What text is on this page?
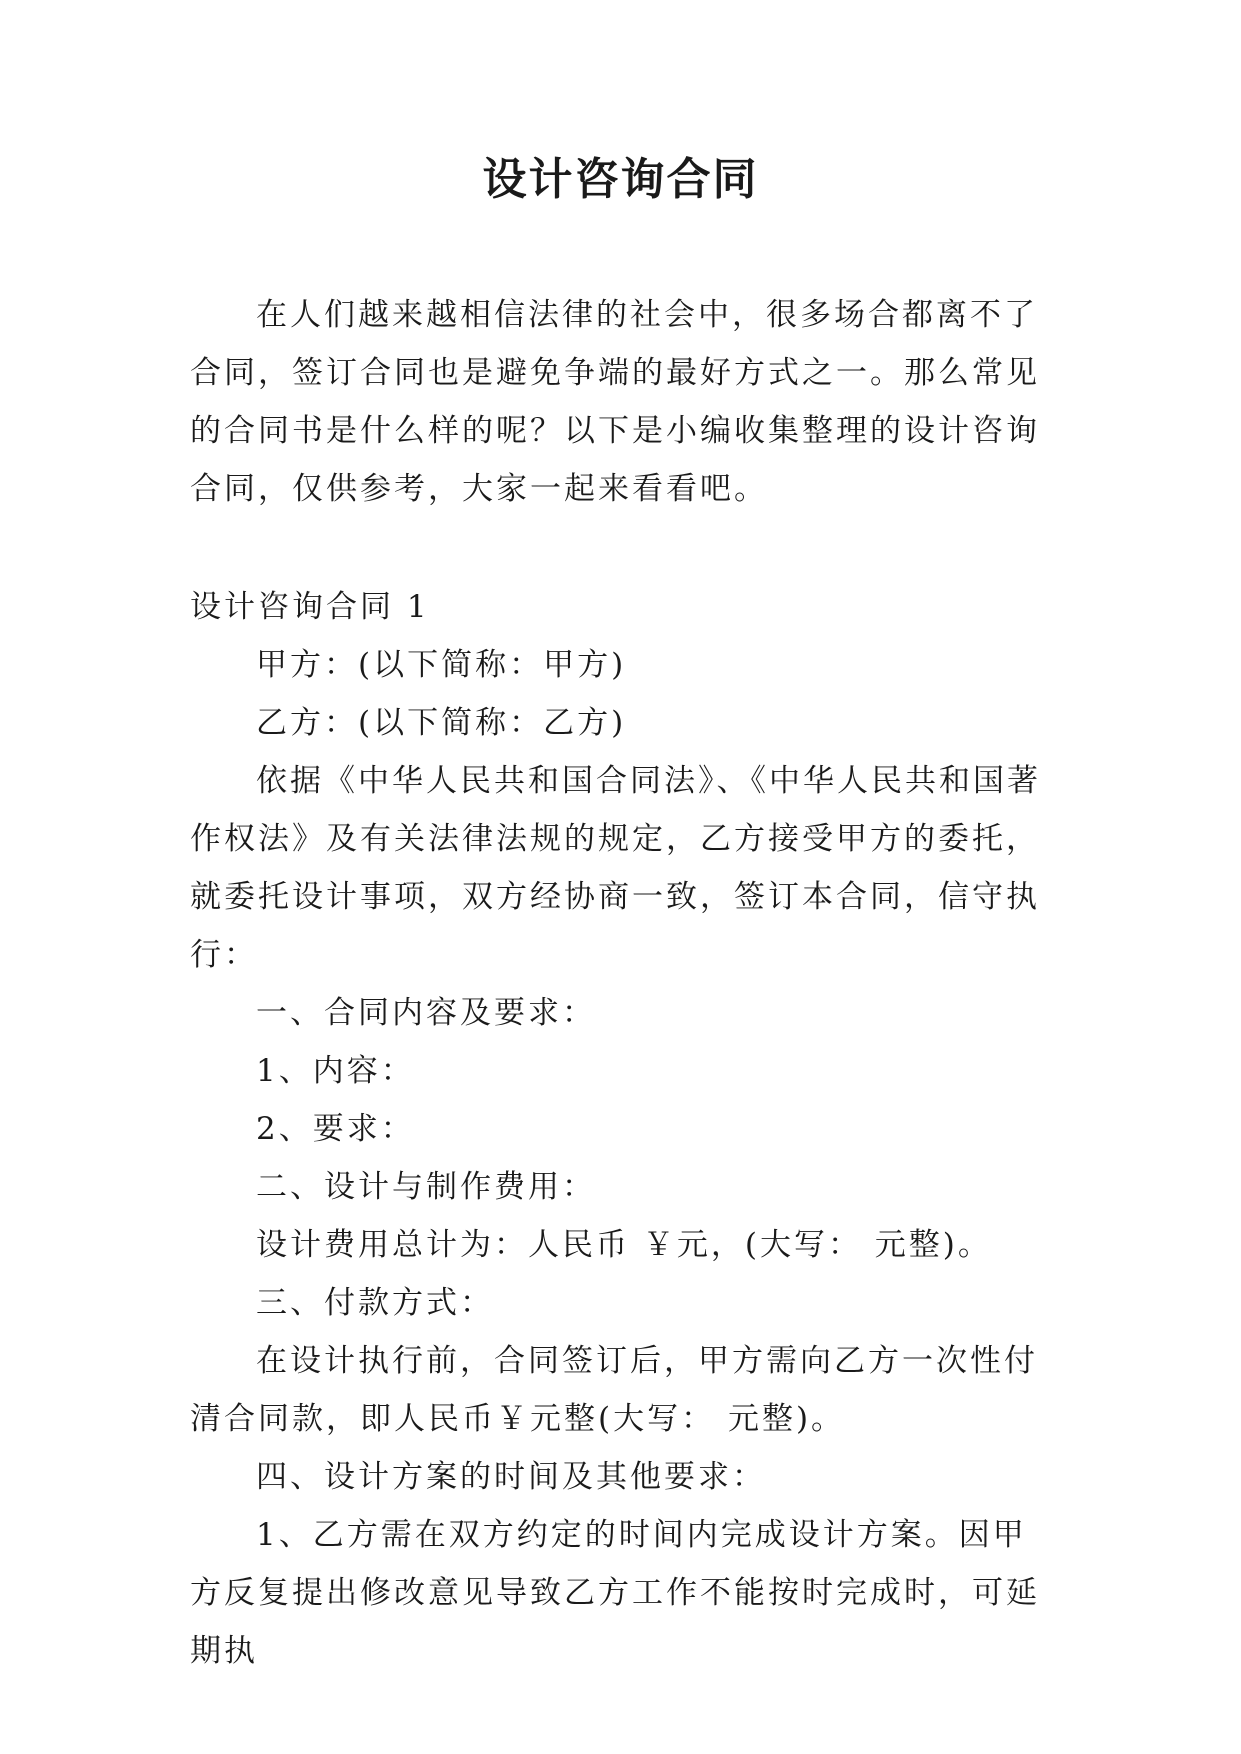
设计咨询合同

在人们越来越相信法律的社会中，很多场合都离不了合同，签订合同也是避免争端的最好方式之一。那么常见的合同书是什么样的呢？以下是小编收集整理的设计咨询合同，仅供参考，大家一起来看看吧。

设计咨询合同 1

甲方：(以下简称：甲方)

乙方：(以下简称：乙方)

依据《中华人民共和国合同法》、《中华人民共和国著作权法》及有关法律法规的规定，乙方接受甲方的委托，就委托设计事项，双方经协商一致，签订本合同，信守执行：

一、合同内容及要求：

1、内容：

2、要求：

二、设计与制作费用：

设计费用总计为：人民币 ￥元，(大写： 元整)。

三、付款方式：

在设计执行前，合同签订后，甲方需向乙方一次性付清合同款，即人民币￥元整(大写： 元整)。

四、设计方案的时间及其他要求：

1、乙方需在双方约定的时间内完成设计方案。因甲方反复提出修改意见导致乙方工作不能按时完成时，可延期执
